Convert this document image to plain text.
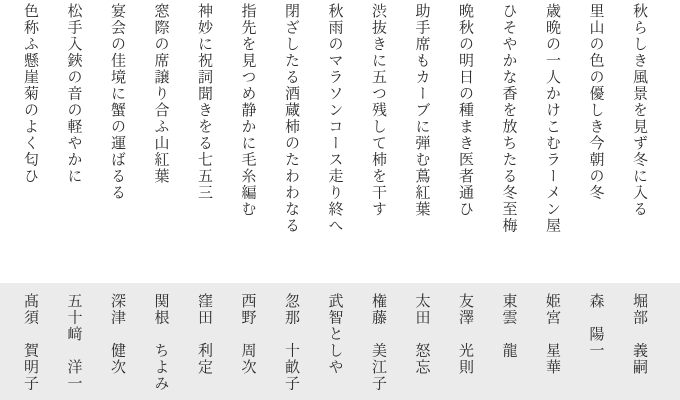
秋らしき風景を見ず冬に入る
里山の色の優しき今朝の冬
歳晩の一人かけこむラーメン屋
ひそやかな香を放ちたる冬至梅
晩秋の明日の種まき医者通ひ
助手席もカーブに弾む蔦紅葉
渋抜きに五つ残して柿を干す
秋雨のマラソンコース走り終へ
閉ざしたる酒蔵柿のたわわなる
指先を見つめ静かに毛糸編む
神妙に祝詞聞きをる七五三
窓際の席譲り合ふ山紅葉
宴会の佳境に蟹の運ばるる
松手入鋏の音の軽やかに
色称ふ懸崖菊のよく匂ひ
堀部　義嗣
森　陽一
姫宮　星華
東雲　龍
友澤　光則
太田　怒忘
権藤　美江子
武智としや
忽那　十畝子
西野　周次
窪田　利定
関根　ちよみ
深津　健次
五十﨑　洋一
髙須　賀明子
